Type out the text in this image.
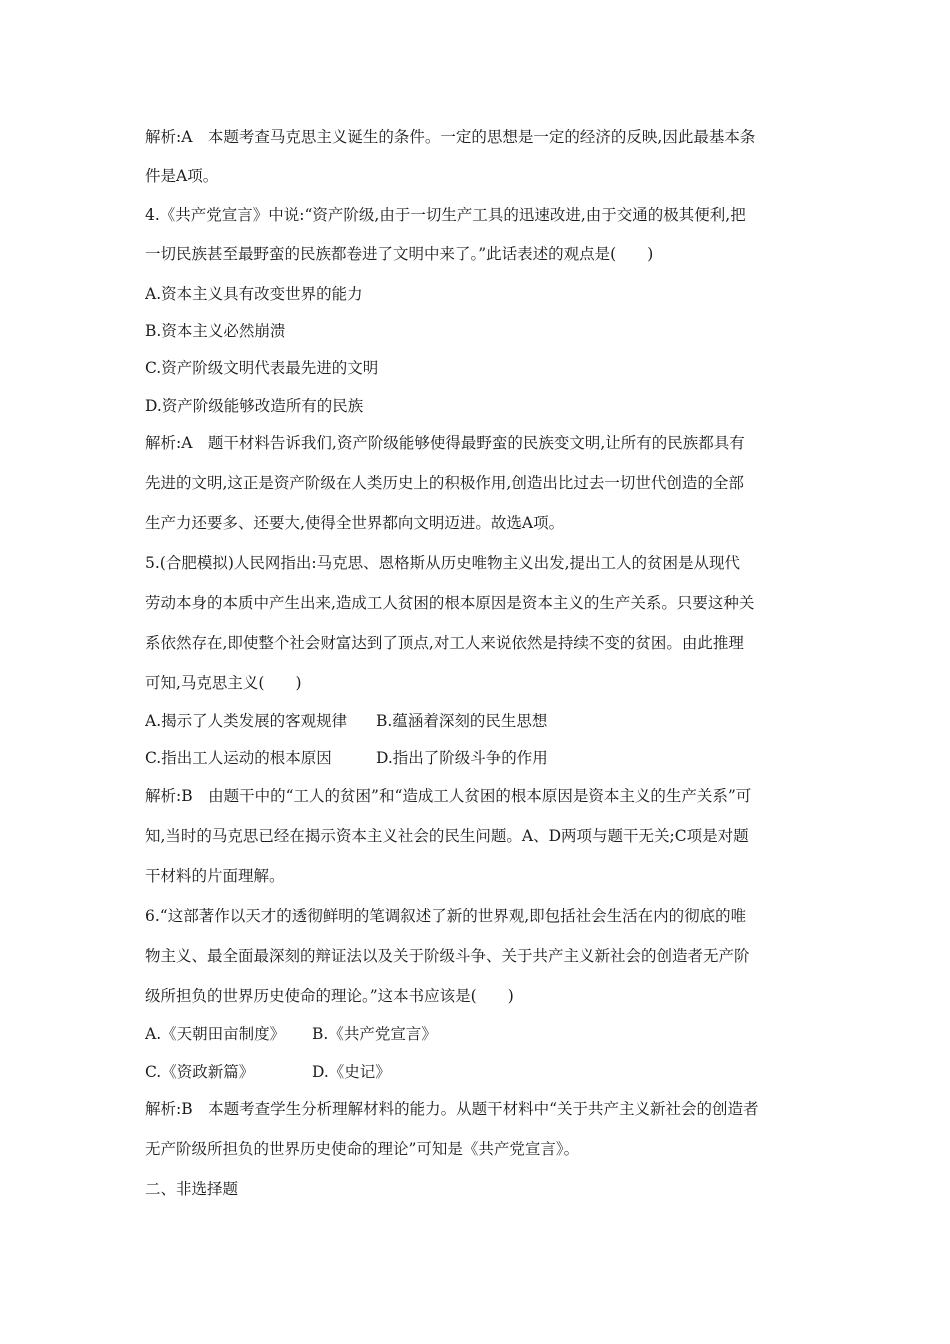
解析:A　本题考查马克思主义诞生的条件。一定的思想是一定的经济的反映,因此最基本条
件是A项。
4.《共产党宣言》中说:“资产阶级,由于一切生产工具的迅速改进,由于交通的极其便利,把
一切民族甚至最野蛮的民族都卷进了文明中来了。”此话表述的观点是(　　)
A.资本主义具有改变世界的能力
B.资本主义必然崩溃
C.资产阶级文明代表最先进的文明
D.资产阶级能够改造所有的民族
解析:A　题干材料告诉我们,资产阶级能够使得最野蛮的民族变文明,让所有的民族都具有
先进的文明,这正是资产阶级在人类历史上的积极作用,创造出比过去一切世代创造的全部
生产力还要多、还要大,使得全世界都向文明迈进。故选A项。
5.(合肥模拟)人民网指出:马克思、恩格斯从历史唯物主义出发,提出工人的贫困是从现代
劳动本身的本质中产生出来,造成工人贫困的根本原因是资本主义的生产关系。只要这种关
系依然存在,即使整个社会财富达到了顶点,对工人来说依然是持续不变的贫困。由此推理
可知,马克思主义(　　)
A.揭示了人类发展的客观规律 B.蕴涵着深刻的民生思想
C.指出工人运动的根本原因	D.指出了阶级斗争的作用
解析:B　由题干中的“工人的贫困”和“造成工人贫困的根本原因是资本主义的生产关系”可
知,当时的马克思已经在揭示资本主义社会的民生问题。A、D两项与题干无关;C项是对题
干材料的片面理解。
6.“这部著作以天才的透彻鲜明的笔调叙述了新的世界观,即包括社会生活在内的彻底的唯
物主义、最全面最深刻的辩证法以及关于阶级斗争、关于共产主义新社会的创造者无产阶
级所担负的世界历史使命的理论。”这本书应该是(　　)
A.《天朝田亩制度》 B.《共产党宣言》
C.《资政新篇》	D.《史记》
解析:B　本题考查学生分析理解材料的能力。从题干材料中“关于共产主义新社会的创造者
无产阶级所担负的世界历史使命的理论”可知是《共产党宣言》。
二、非选择题
